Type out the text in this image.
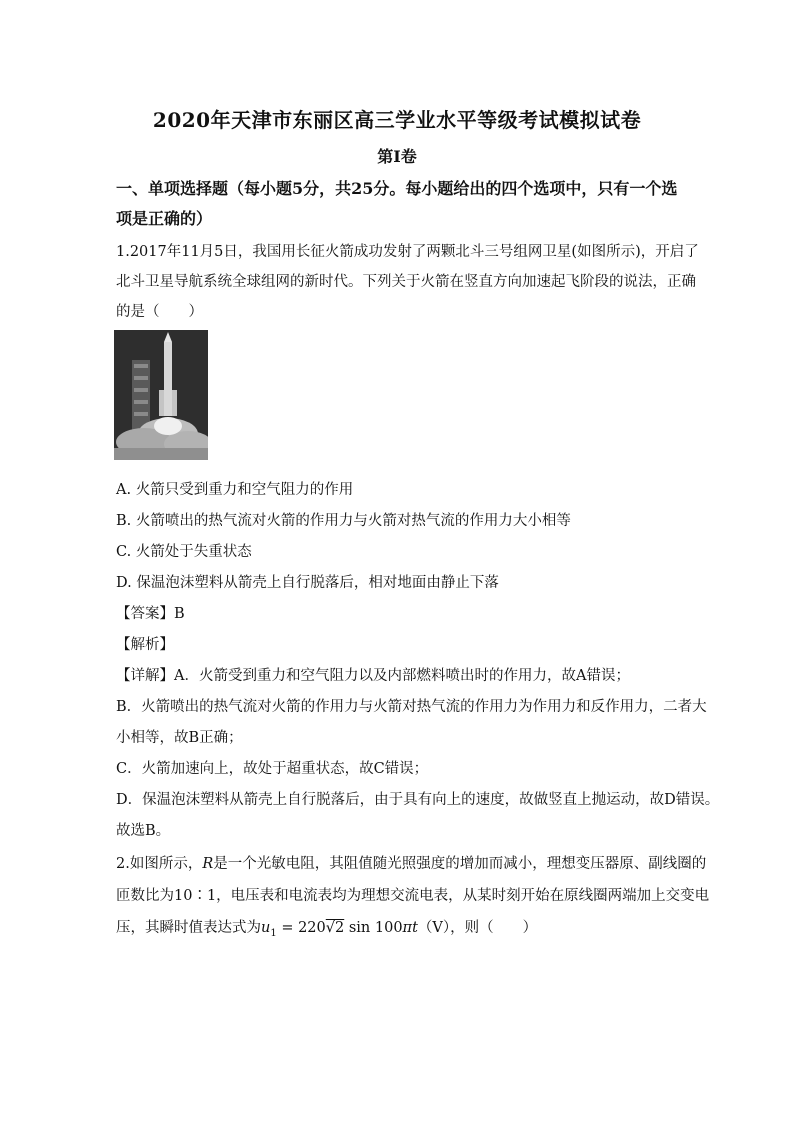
2020年天津市东丽区高三学业水平等级考试模拟试卷
第I卷
一、单项选择题（每小题5分，共25分。每小题给出的四个选项中，只有一个选
项是正确的）
1.2017年11月5日，我国用长征火箭成功发射了两颗北斗三号组网卫星(如图所示)，开启了
北斗卫星导航系统全球组网的新时代。下列关于火箭在竖直方向加速起飞阶段的说法，正确
的是（　　）
A. 火箭只受到重力和空气阻力的作用
B. 火箭喷出的热气流对火箭的作用力与火箭对热气流的作用力大小相等
C. 火箭处于失重状态
D. 保温泡沫塑料从箭壳上自行脱落后，相对地面由静止下落
【答案】B
【解析】
【详解】A．火箭受到重力和空气阻力以及内部燃料喷出时的作用力，故A错误；
B．火箭喷出的热气流对火箭的作用力与火箭对热气流的作用力为作用力和反作用力，二者大
小相等，故B正确；
C．火箭加速向上，故处于超重状态，故C错误；
D．保温泡沫塑料从箭壳上自行脱落后，由于具有向上的速度，故做竖直上抛运动，故D错误。
故选B。
2.如图所示，R是一个光敏电阻，其阻值随光照强度的增加而减小，理想变压器原、副线圈的
匝数比为10∶1，电压表和电流表均为理想交流电表，从某时刻开始在原线圈两端加上交变电
压，其瞬时值表达式为$u_1 = 220√2$ sin 100πt（V），则（　　）
